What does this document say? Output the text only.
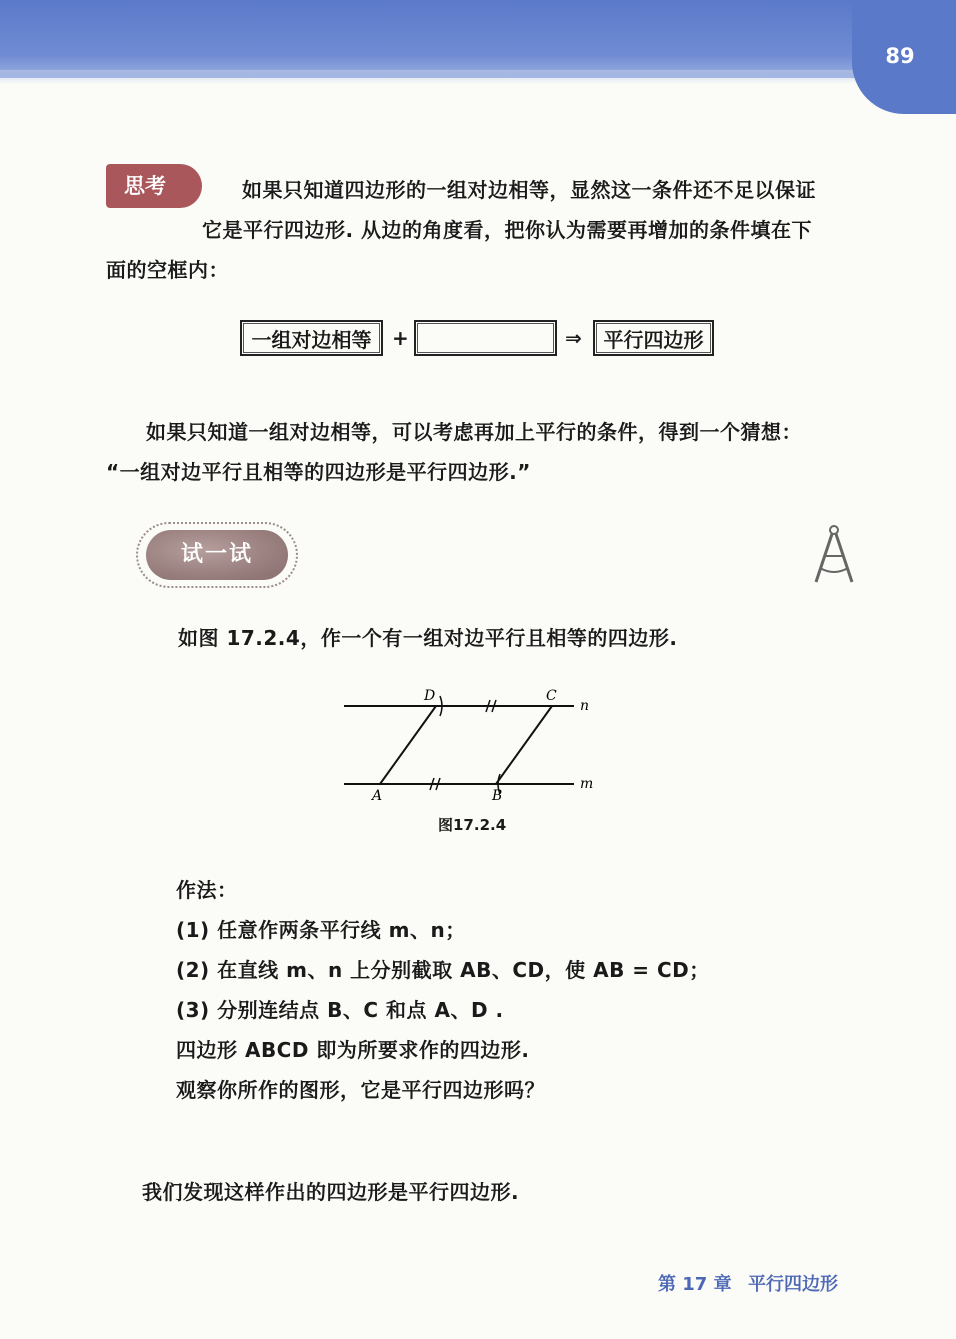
89
思考	如果只知道四边形的一组对边相等，显然这一条件还不足以保证
它是平行四边形. 从边的角度看，把你认为需要再增加的条件填在下
面的空框内：
一组对边相等	+	⇒	平行四边形
如果只知道一组对边相等，可以考虑再加上平行的条件，得到一个猜想：
“一组对边平行且相等的四边形是平行四边形.”
试一试
如图 17.2.4，作一个有一组对边平行且相等的四边形.
D	C
n
A	B
m
图17.2.4
作法：
(1) 任意作两条平行线 m、n；
(2) 在直线 m、n 上分别截取 AB、CD，使 AB = CD；
(3) 分别连结点 B、C 和点 A、D .
四边形 ABCD 即为所要求作的四边形.
观察你所作的图形，它是平行四边形吗？
我们发现这样作出的四边形是平行四边形.
第 17 章 平行四边形
